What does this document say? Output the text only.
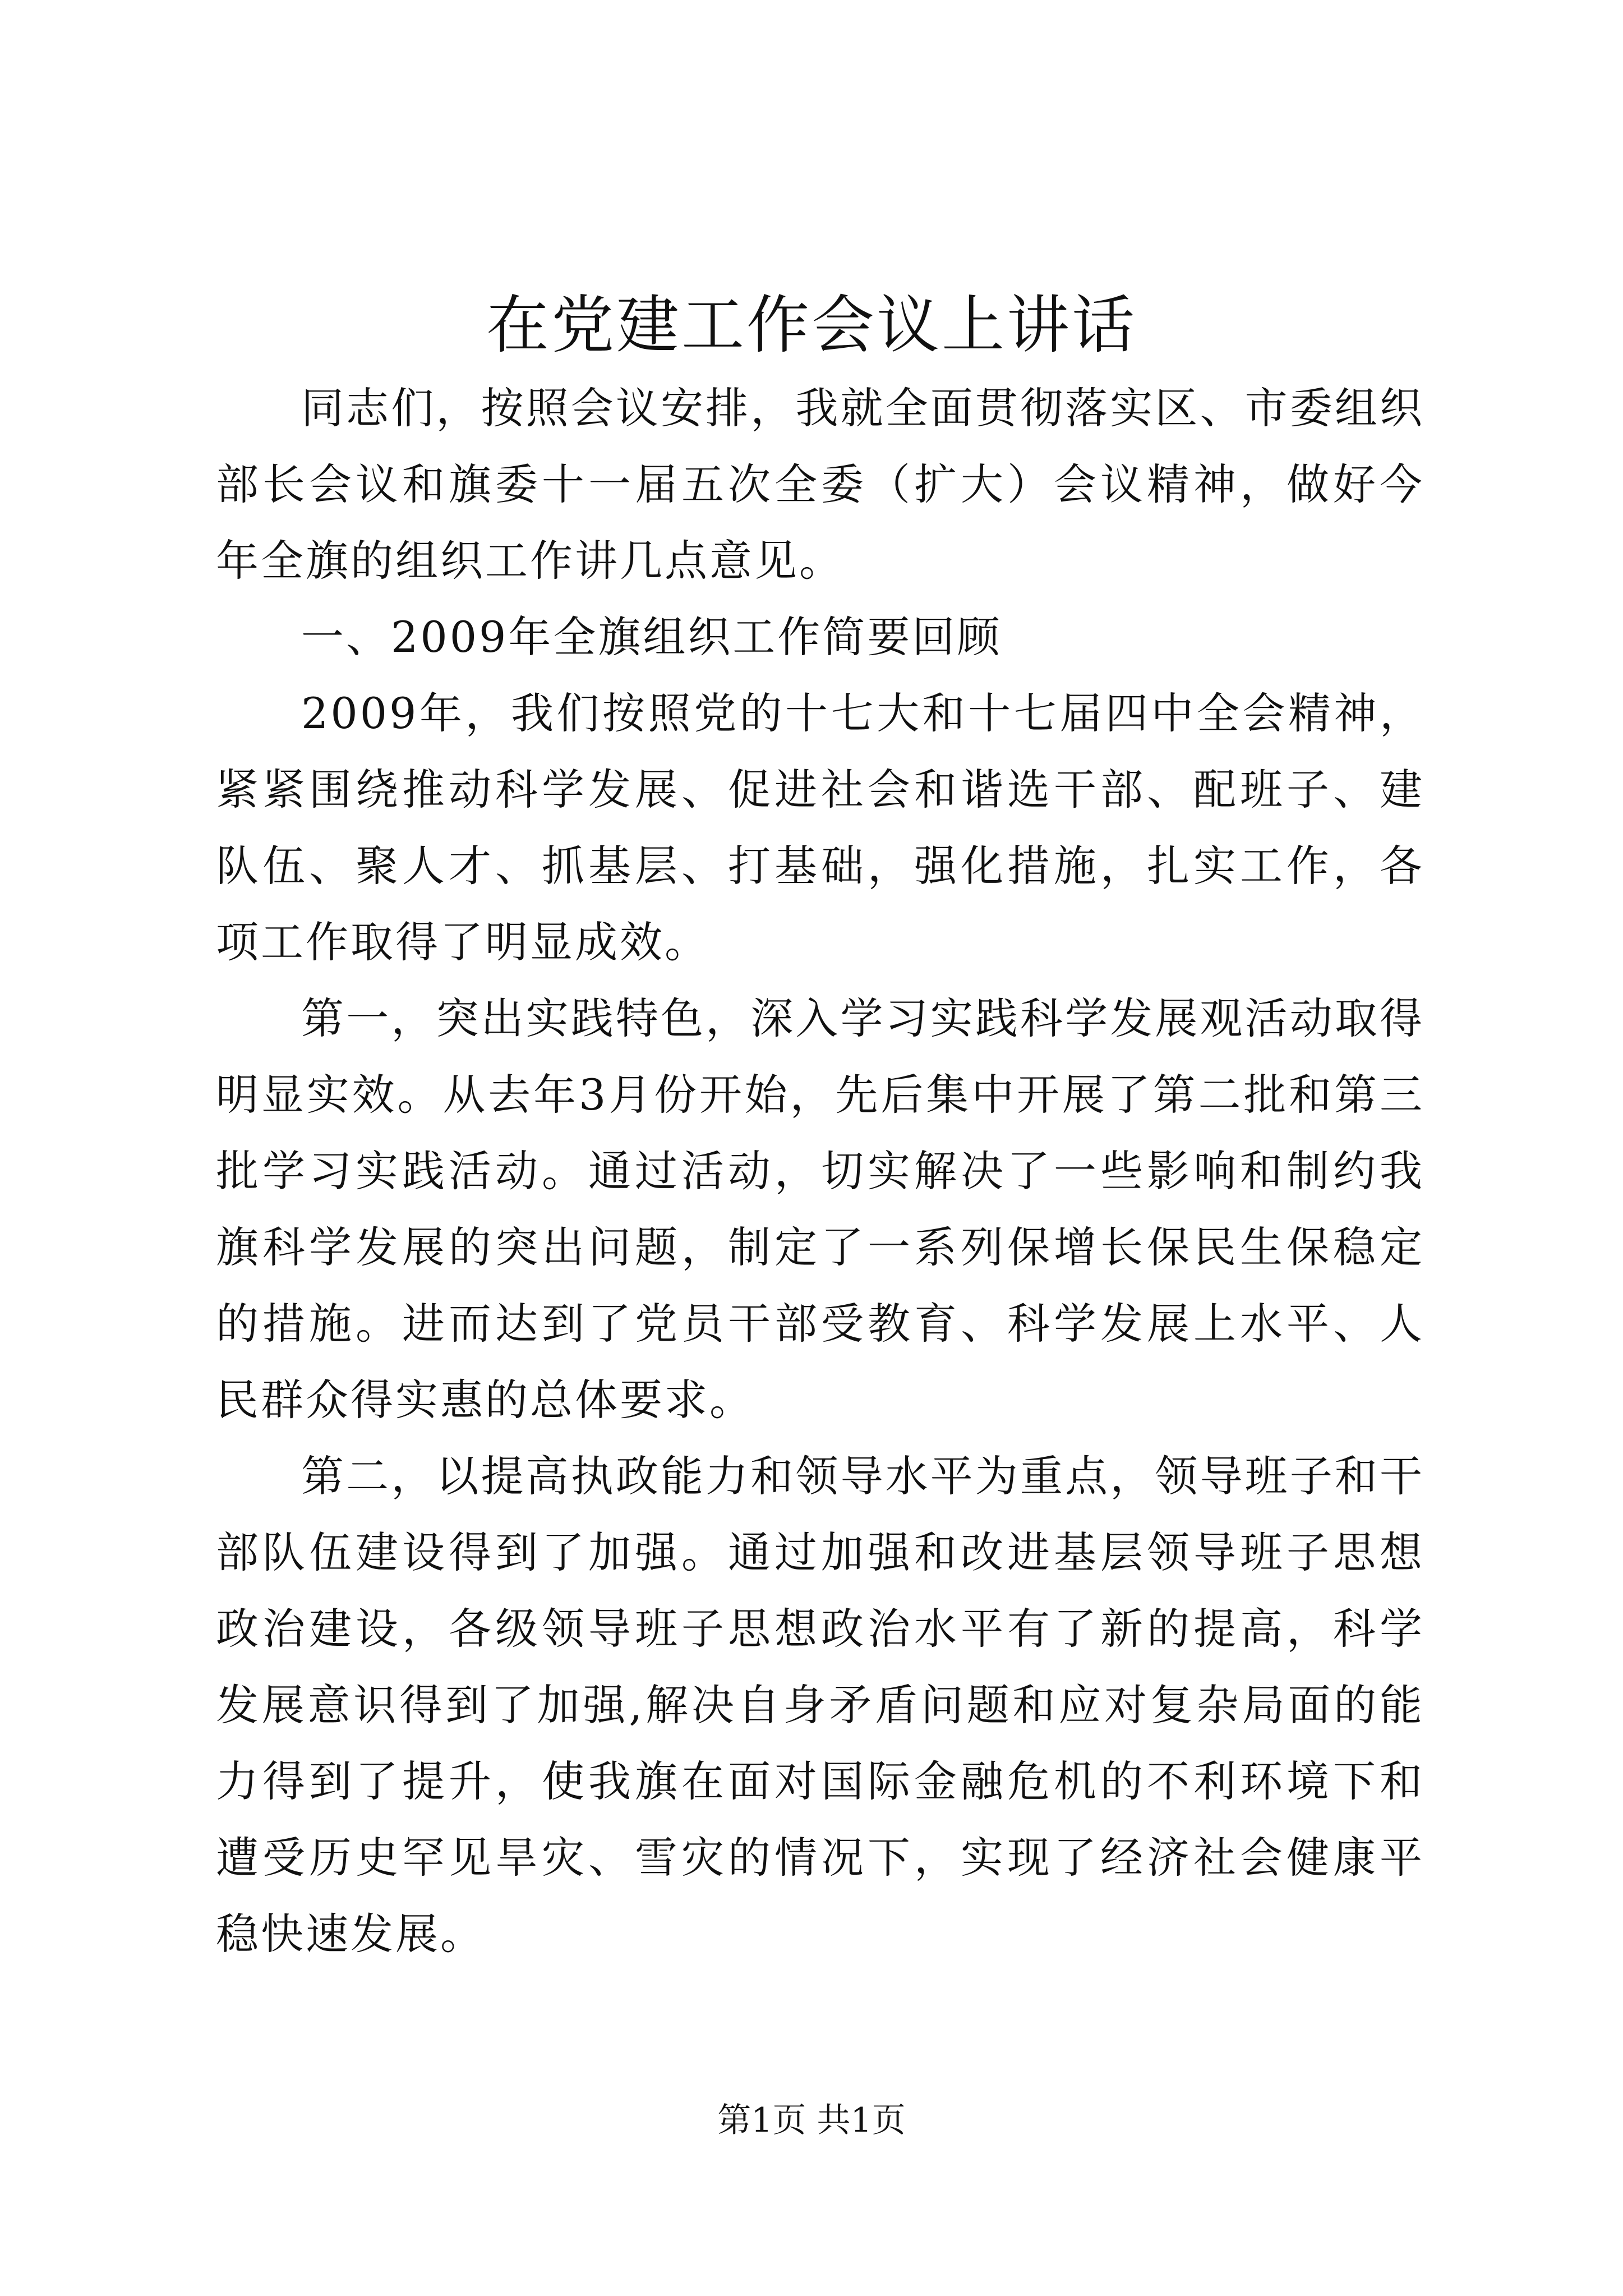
在党建工作会议上讲话

同志们，按照会议安排，我就全面贯彻落实区、市委组织部长会议和旗委十一届五次全委（扩大）会议精神，做好今年全旗的组织工作讲几点意见。

一、2009年全旗组织工作简要回顾

2009年，我们按照党的十七大和十七届四中全会精神，紧紧围绕推动科学发展、促进社会和谐选干部、配班子、建队伍、聚人才、抓基层、打基础，强化措施，扎实工作，各项工作取得了明显成效。

第一，突出实践特色，深入学习实践科学发展观活动取得明显实效。从去年3月份开始，先后集中开展了第二批和第三批学习实践活动。通过活动，切实解决了一些影响和制约我旗科学发展的突出问题，制定了一系列保增长保民生保稳定的措施。进而达到了党员干部受教育、科学发展上水平、人民群众得实惠的总体要求。

第二，以提高执政能力和领导水平为重点，领导班子和干部队伍建设得到了加强。通过加强和改进基层领导班子思想政治建设，各级领导班子思想政治水平有了新的提高，科学发展意识得到了加强,解决自身矛盾问题和应对复杂局面的能力得到了提升，使我旗在面对国际金融危机的不利环境下和遭受历史罕见旱灾、雪灾的情况下，实现了经济社会健康平稳快速发展。

第1页 共1页
